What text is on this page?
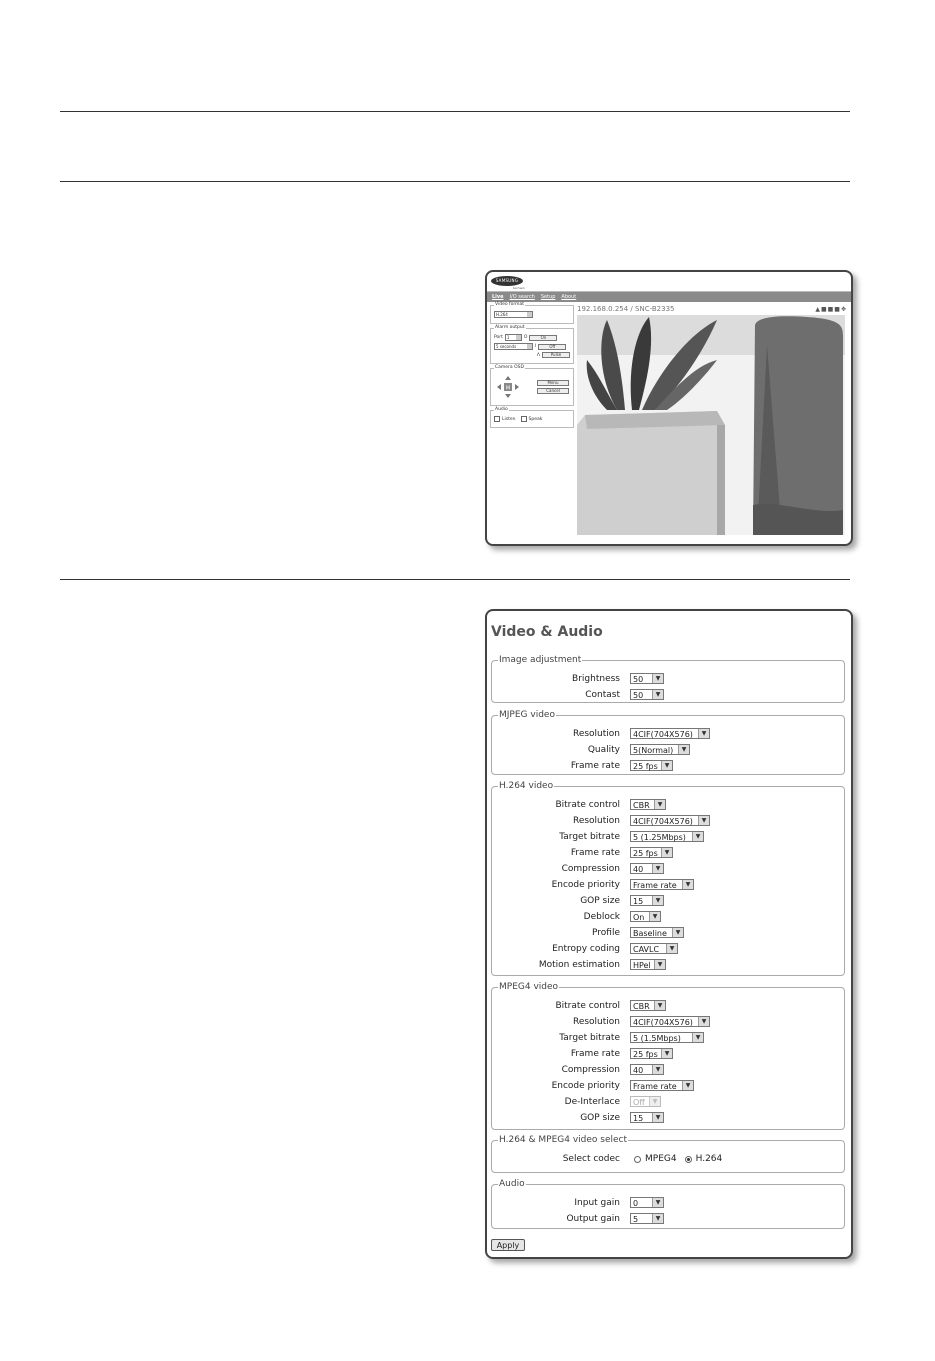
SAMSUNG
techwin
Live I/O search Setup About
Video format
H.264
Alarm output
Port	1	O	On
5 seconds	I	Off
Λ	Pulse
Camera OSD
M
Menu
Cancel
Audio
Listen	Speak
192.168.0.254 / SNC-B2335	▲■■■✥
Video & Audio
Image adjustment
Brightness	50	▼
Contast	50	▼
MJPEG video
Resolution	4CIF(704X576)	▼
Quality	5(Normal)	▼
Frame rate	25 fps	▼
H.264 video
Bitrate control	CBR	▼
Resolution	4CIF(704X576)	▼
Target bitrate	5 (1.25Mbps)	▼
Frame rate	25 fps	▼
Compression	40	▼
Encode priority	Frame rate	▼
GOP size	15	▼
Deblock	On	▼
Profile	Baseline	▼
Entropy coding	CAVLC	▼
Motion estimation	HPel	▼
MPEG4 video
Bitrate control	CBR	▼
Resolution	4CIF(704X576)	▼
Target bitrate	5 (1.5Mbps)	▼
Frame rate	25 fps	▼
Compression	40	▼
Encode priority	Frame rate	▼
De-Interlace	Off	▼
GOP size	15	▼
H.264 & MPEG4 video select
Select codec	MPEG4 H.264
Audio
Input gain	0	▼
Output gain	5	▼
Apply
